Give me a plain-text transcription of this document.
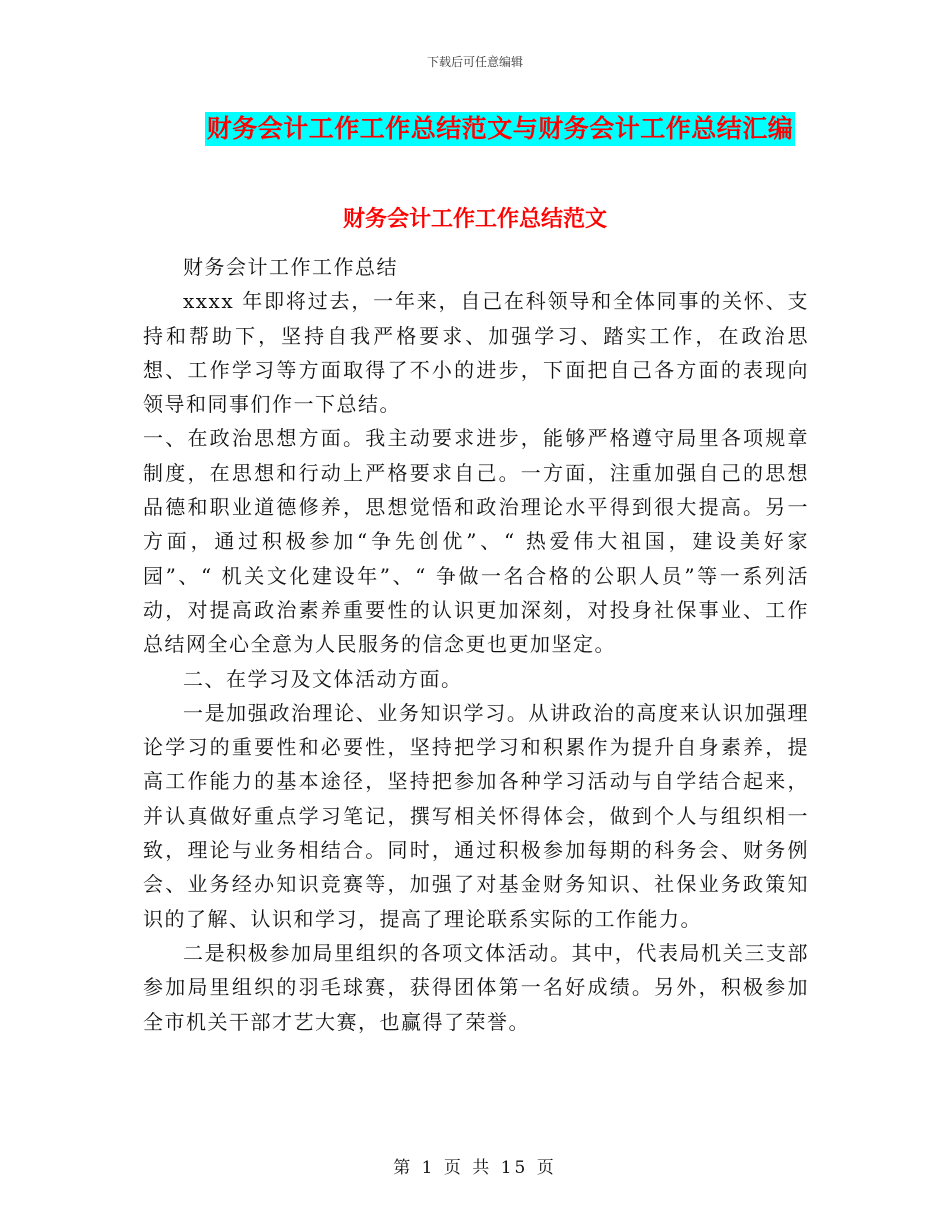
下载后可任意编辑
财务会计工作工作总结范文与财务会计工作总结汇编
财务会计工作工作总结范文

财务会计工作工作总结

xxxx 年即将过去，一年来，自己在科领导和全体同事的关怀、支持和帮助下，坚持自我严格要求、加强学习、踏实工作，在政治思想、工作学习等方面取得了不小的进步，下面把自己各方面的表现向领导和同事们作一下总结。

一、在政治思想方面。我主动要求进步，能够严格遵守局里各项规章制度，在思想和行动上严格要求自己。一方面，注重加强自己的思想品德和职业道德修养，思想觉悟和政治理论水平得到很大提高。另一方面，通过积极参加“争先创优”、“ 热爱伟大祖国，建设美好家园”、“ 机关文化建设年”、“ 争做一名合格的公职人员”等一系列活动，对提高政治素养重要性的认识更加深刻，对投身社保事业、工作总结网全心全意为人民服务的信念更也更加坚定。

二、在学习及文体活动方面。

一是加强政治理论、业务知识学习。从讲政治的高度来认识加强理论学习的重要性和必要性，坚持把学习和积累作为提升自身素养，提高工作能力的基本途径，坚持把参加各种学习活动与自学结合起来，并认真做好重点学习笔记，撰写相关怀得体会，做到个人与组织相一致，理论与业务相结合。同时，通过积极参加每期的科务会、财务例会、业务经办知识竞赛等，加强了对基金财务知识、社保业务政策知识的了解、认识和学习，提高了理论联系实际的工作能力。

二是积极参加局里组织的各项文体活动。其中，代表局机关三支部参加局里组织的羽毛球赛，获得团体第一名好成绩。另外，积极参加全市机关干部才艺大赛，也赢得了荣誉。

第 1 页 共 15 页
